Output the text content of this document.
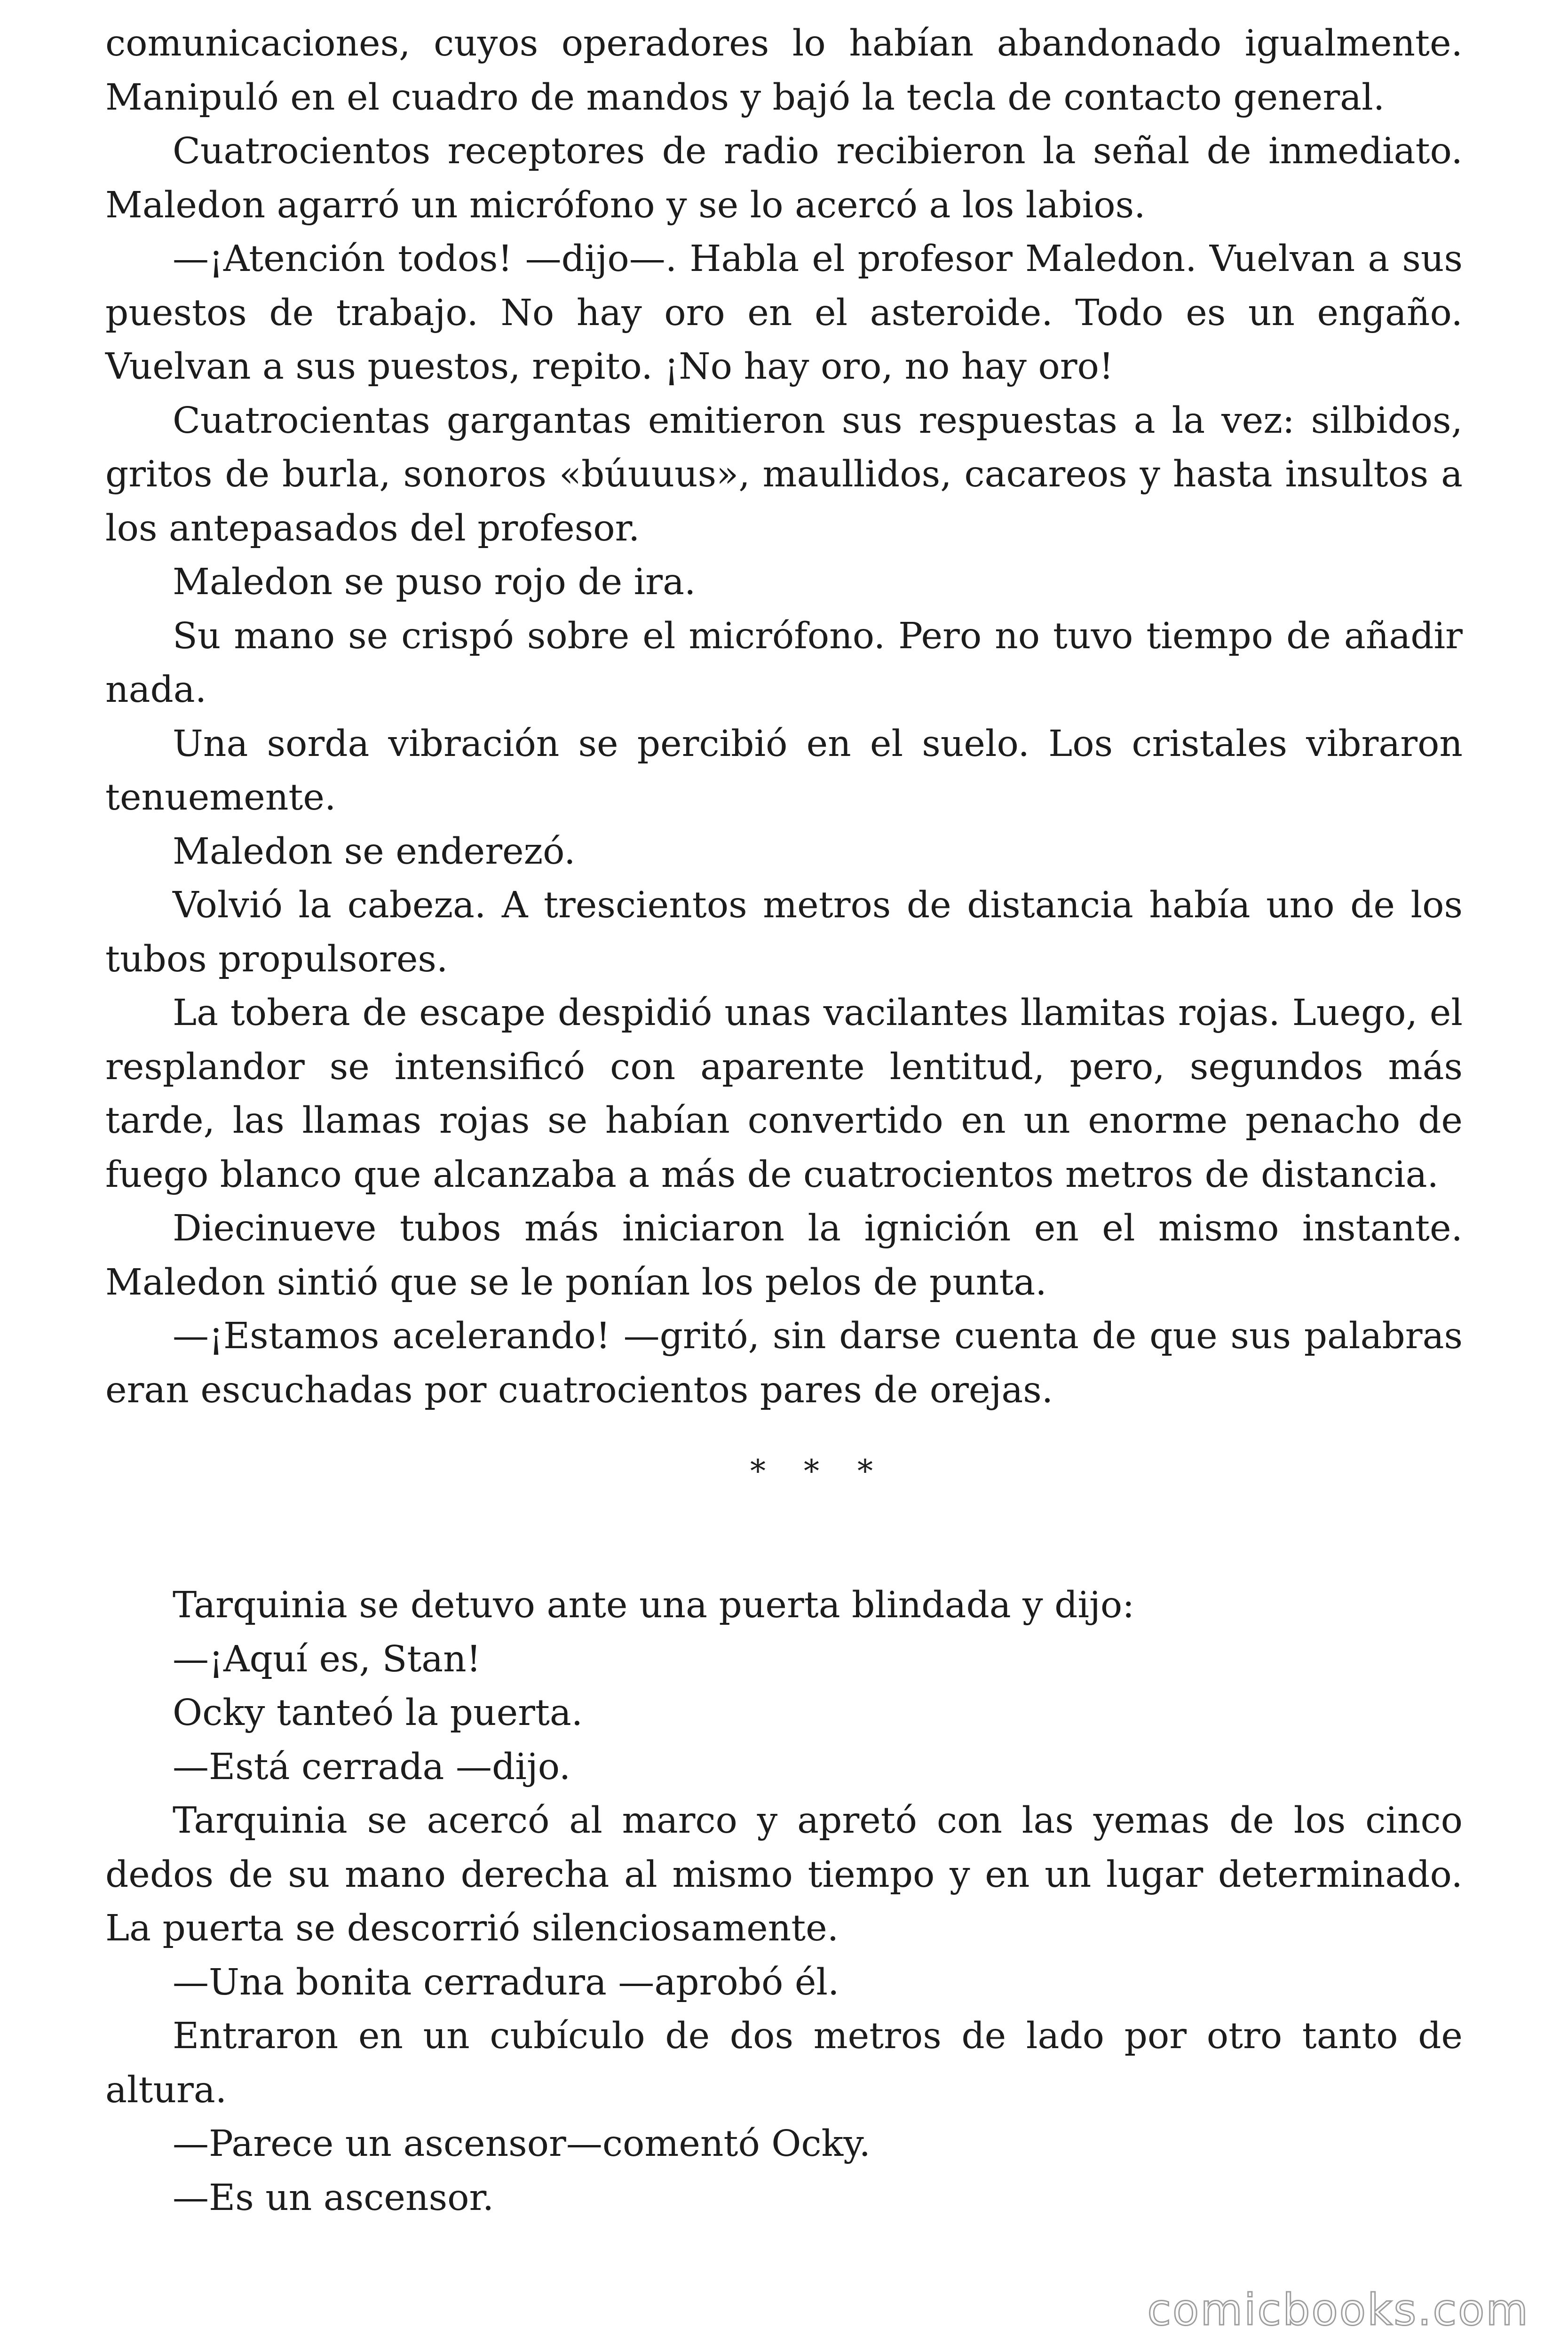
comunicaciones, cuyos operadores lo habían abandonado igualmente. Manipuló en el cuadro de mandos y bajó la tecla de contacto general.

Cuatrocientos receptores de radio recibieron la señal de inmediato. Maledon agarró un micrófono y se lo acercó a los labios.

—¡Atención todos! —dijo—. Habla el profesor Maledon. Vuelvan a sus puestos de trabajo. No hay oro en el asteroide. Todo es un engaño. Vuelvan a sus puestos, repito. ¡No hay oro, no hay oro!

Cuatrocientas gargantas emitieron sus respuestas a la vez: silbidos, gritos de burla, sonoros «búuuus», maullidos, cacareos y hasta insultos a los antepasados del profesor.

Maledon se puso rojo de ira.

Su mano se crispó sobre el micrófono. Pero no tuvo tiempo de añadir nada.

Una sorda vibración se percibió en el suelo. Los cristales vibraron tenuemente.

Maledon se enderezó.

Volvió la cabeza. A trescientos metros de distancia había uno de los tubos propulsores.

La tobera de escape despidió unas vacilantes llamitas rojas. Luego, el resplandor se intensificó con aparente lentitud, pero, segundos más tarde, las llamas rojas se habían convertido en un enorme penacho de fuego blanco que alcanzaba a más de cuatrocientos metros de distancia.

Diecinueve tubos más iniciaron la ignición en el mismo instante. Maledon sintió que se le ponían los pelos de punta.

—¡Estamos acelerando! —gritó, sin darse cuenta de que sus palabras eran escuchadas por cuatrocientos pares de orejas.

* * *

Tarquinia se detuvo ante una puerta blindada y dijo:

—¡Aquí es, Stan!

Ocky tanteó la puerta.

—Está cerrada —dijo.

Tarquinia se acercó al marco y apretó con las yemas de los cinco dedos de su mano derecha al mismo tiempo y en un lugar determinado. La puerta se descorrió silenciosamente.

—Una bonita cerradura —aprobó él.

Entraron en un cubículo de dos metros de lado por otro tanto de altura.

—Parece un ascensor—comentó Ocky.

—Es un ascensor.

comicbooks.com
